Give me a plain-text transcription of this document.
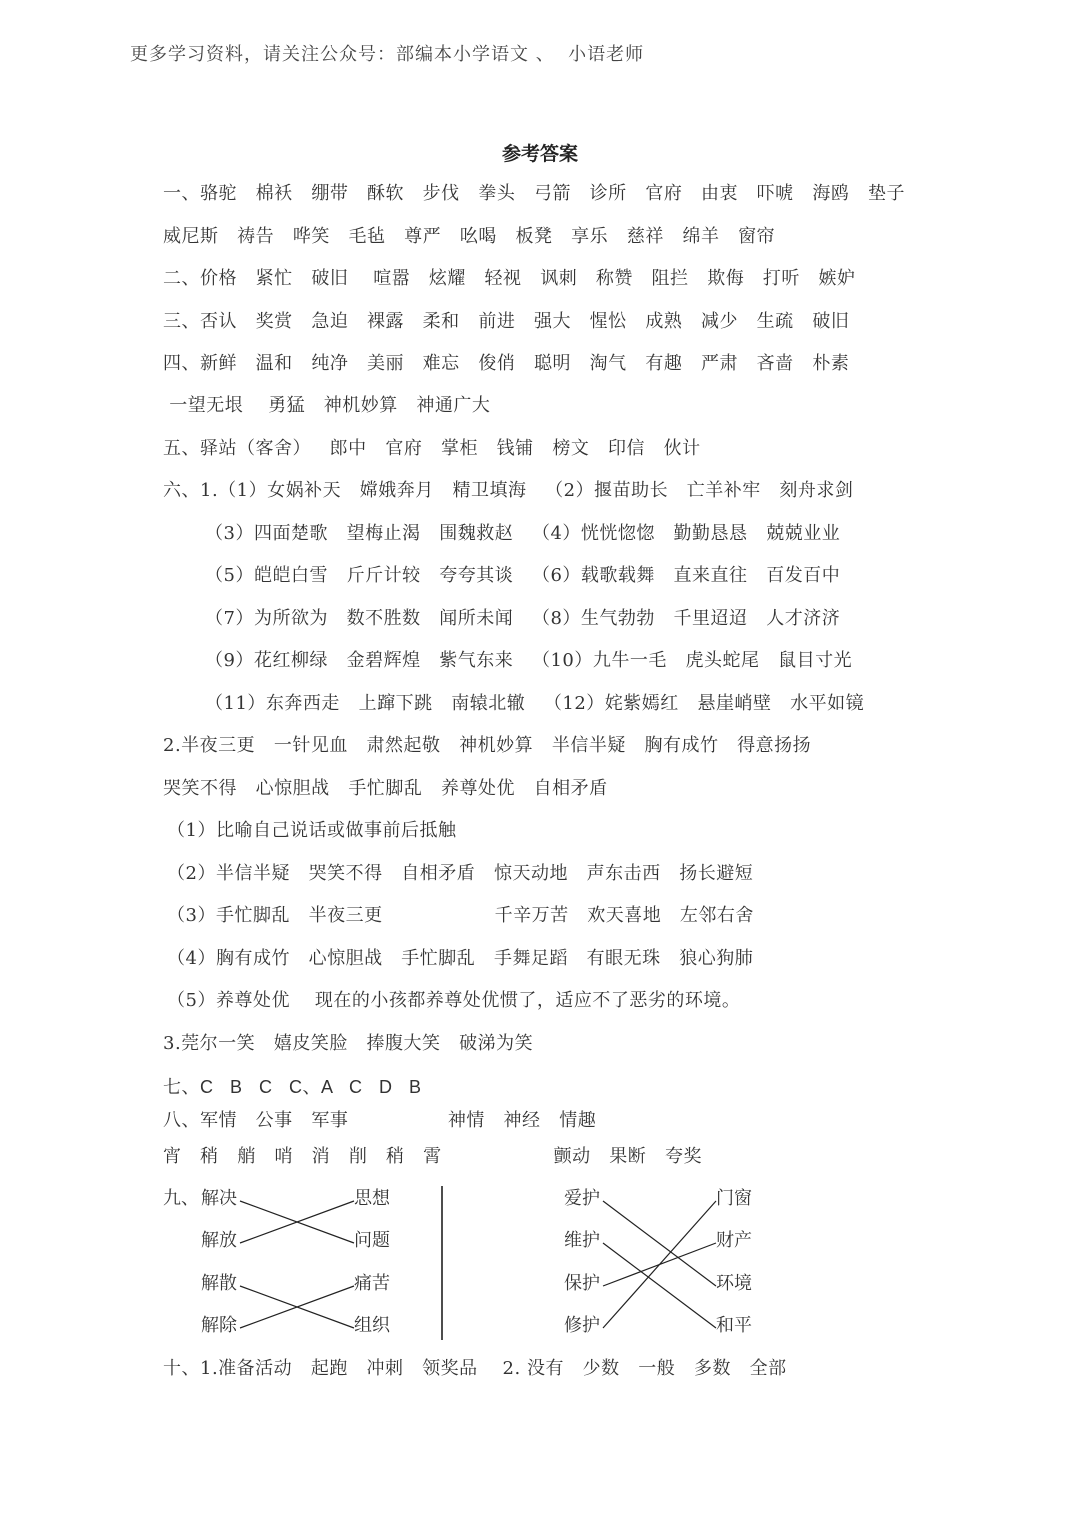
更多学习资料，请关注公众号：部编本小学语文 、  小语老师
参考答案
一、骆驼   棉袄   绷带   酥软   步伐   拳头   弓箭   诊所   官府   由衷   吓唬   海鸥   垫子
威尼斯   祷告   哗笑   毛毡   尊严   吆喝   板凳   享乐   慈祥   绵羊   窗帘
二、价格   紧忙   破旧    喧嚣   炫耀   轻视   讽刺   称赞   阻拦   欺侮   打听   嫉妒
三、否认   奖赏   急迫   裸露   柔和   前进   强大   惺忪   成熟   减少   生疏   破旧
四、新鲜   温和   纯净   美丽   难忘   俊俏   聪明   淘气   有趣   严肃   吝啬   朴素
一望无垠    勇猛   神机妙算   神通广大
五、驿站（客舍）   郎中   官府   掌柜   钱铺   榜文   印信   伙计
六、1.（1）女娲补天   嫦娥奔月   精卫填海   （2）揠苗助长   亡羊补牢   刻舟求剑
（3）四面楚歌   望梅止渴   围魏救赵   （4）恍恍惚惚   勤勤恳恳   兢兢业业
（5）皑皑白雪   斤斤计较   夸夸其谈   （6）载歌载舞   直来直往   百发百中
（7）为所欲为   数不胜数   闻所未闻   （8）生气勃勃   千里迢迢   人才济济
（9）花红柳绿   金碧辉煌   紫气东来   （10）九牛一毛   虎头蛇尾   鼠目寸光
（11）东奔西走   上蹿下跳   南辕北辙   （12）姹紫嫣红   悬崖峭壁   水平如镜
2.半夜三更   一针见血   肃然起敬   神机妙算   半信半疑   胸有成竹   得意扬扬
哭笑不得   心惊胆战   手忙脚乱   养尊处优   自相矛盾
（1）比喻自己说话或做事前后抵触
（2）半信半疑   哭笑不得   自相矛盾   惊天动地   声东击西   扬长避短
（3）手忙脚乱   半夜三更                  千辛万苦   欢天喜地   左邻右舍
（4）胸有成竹   心惊胆战   手忙脚乱   手舞足蹈   有眼无珠   狼心狗肺
（5）养尊处优    现在的小孩都养尊处优惯了，适应不了恶劣的环境。
3.莞尔一笑   嬉皮笑脸   捧腹大笑   破涕为笑
七、C   B   C   C、A   C   D   B
八、军情   公事   军事                神情   神经   情趣
宵   稍   艄   哨   消   削   稍   霄                  颤动   果断   夸奖
九、 解决
解放
解散
解除
思想
问题
痛苦
组织
爱护
维护
保护
修护
门窗
财产
环境
和平
十、1.准备活动   起跑   冲刺   领奖品    2. 没有   少数   一般   多数   全部
